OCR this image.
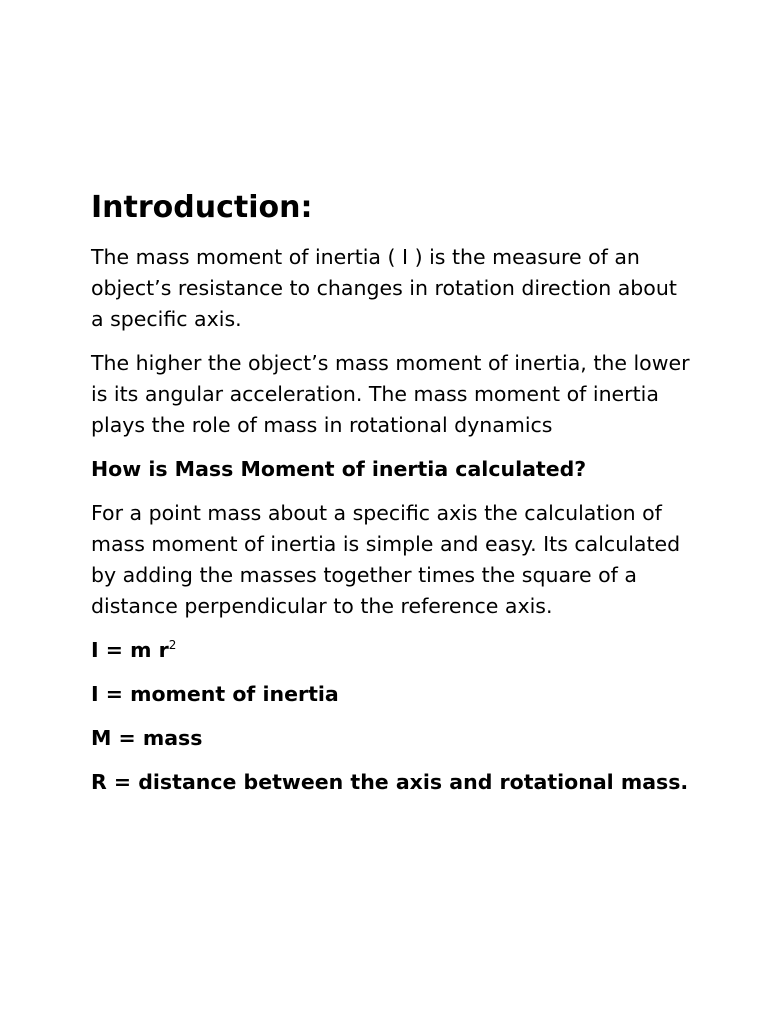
Introduction:

The mass moment of inertia ( I ) is the measure of an object’s resistance to changes in rotation direction about a specific axis.

The higher the object’s mass moment of inertia, the lower is its angular acceleration. The mass moment of inertia plays the role of mass in rotational dynamics

How is Mass Moment of inertia calculated?

For a point mass about a specific axis the calculation of mass moment of inertia is simple and easy. Its calculated by adding the masses together times the square of a distance perpendicular to the reference axis.

I = m $r^2$

I = moment of inertia

M = mass

R = distance between the axis and rotational mass.
